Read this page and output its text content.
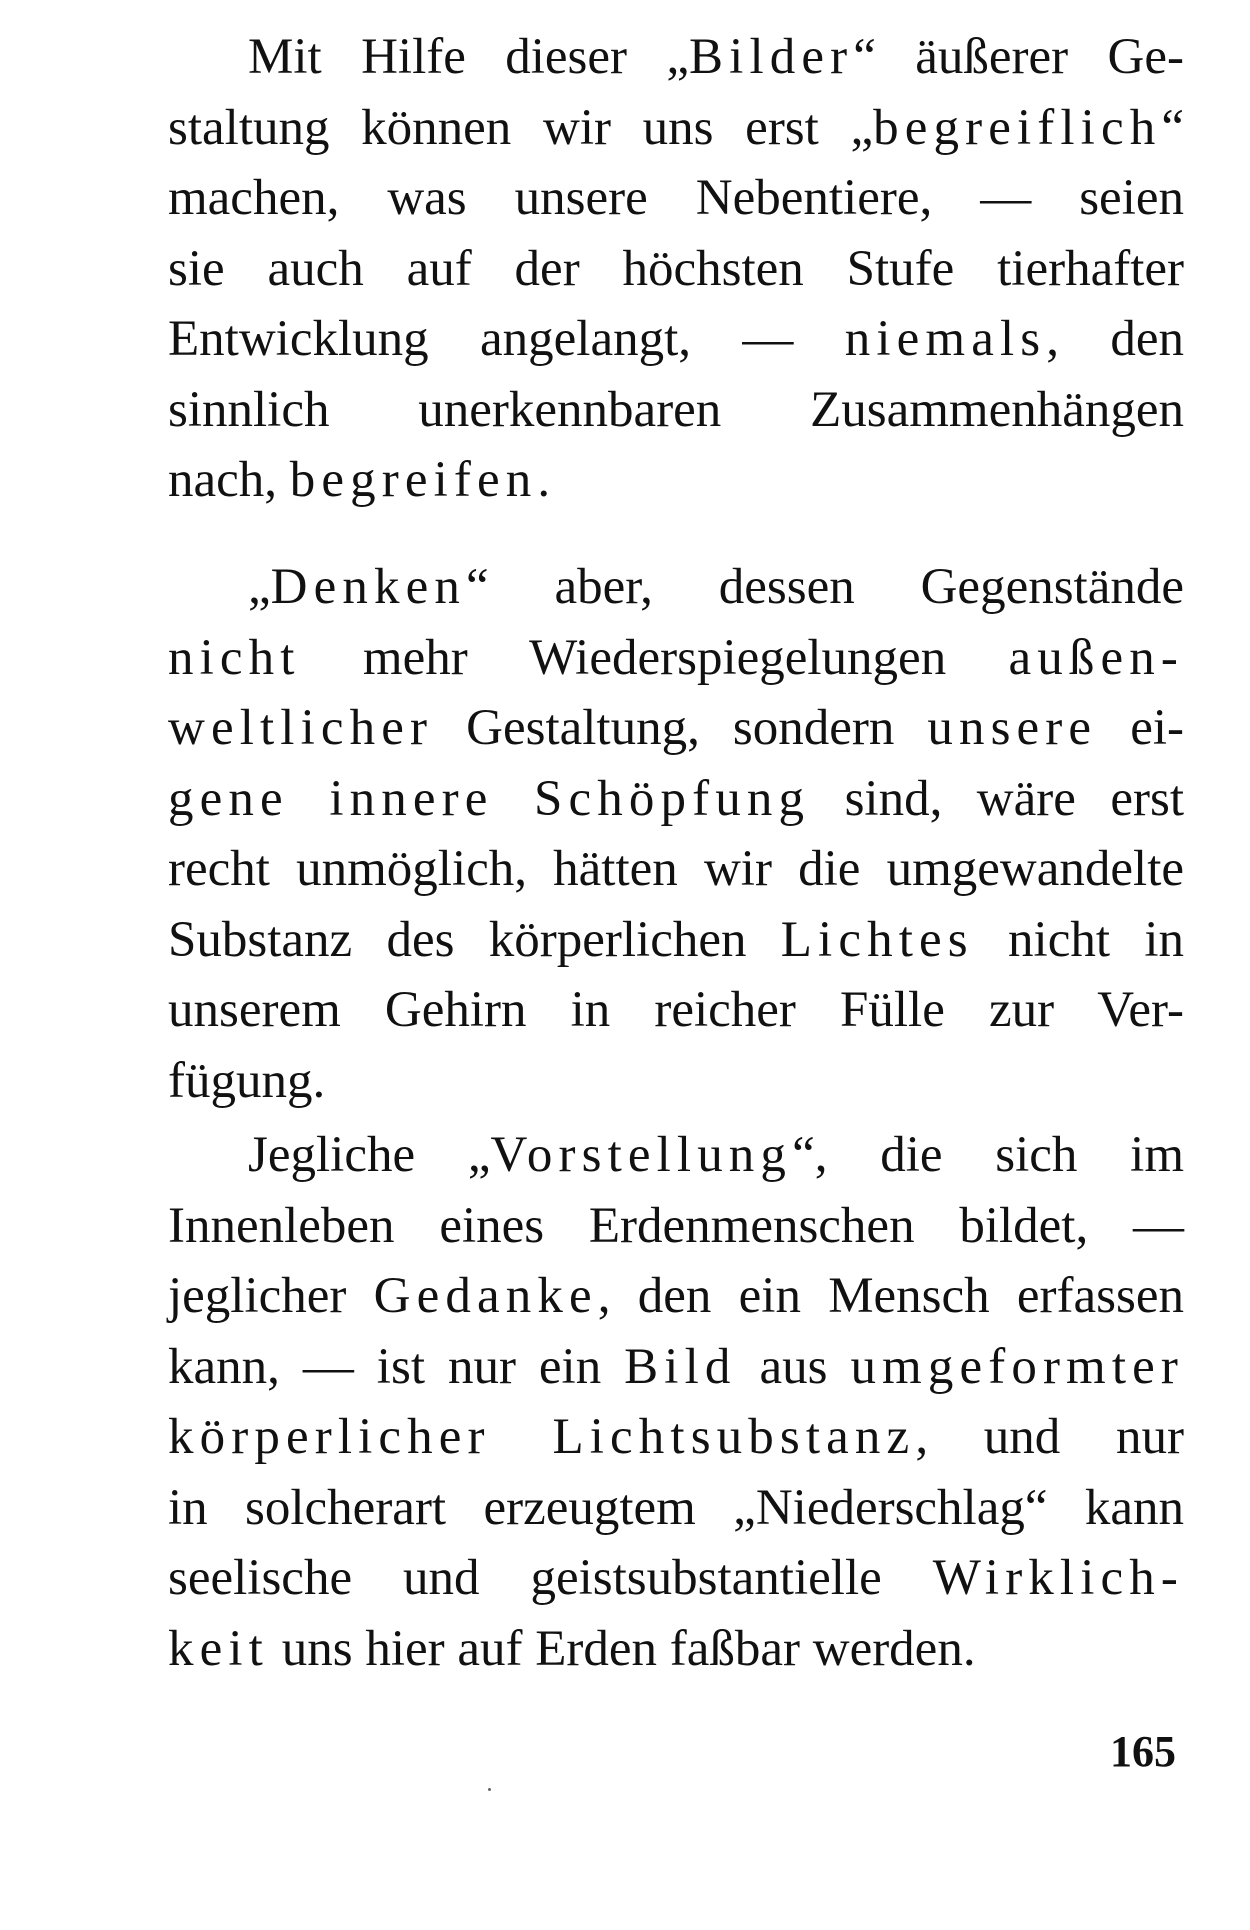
Mit Hilfe dieser „Bilder“ äußerer Ge-
staltung können wir uns erst „begreiflich“
machen, was unsere Nebentiere, — seien
sie auch auf der höchsten Stufe tierhafter
Entwicklung angelangt, — niemals, den
sinnlich unerkennbaren Zusammenhängen
nach, begreifen.
„Denken“ aber, dessen Gegenstände
nicht mehr Wiederspiegelungen außen-
weltlicher Gestaltung, sondern unsere ei-
gene innere Schöpfung sind, wäre erst
recht unmöglich, hätten wir die umgewandelte
Substanz des körperlichen Lichtes nicht in
unserem Gehirn in reicher Fülle zur Ver-
fügung.
Jegliche „Vorstellung“, die sich im
Innenleben eines Erdenmenschen bildet, —
jeglicher Gedanke, den ein Mensch erfassen
kann, — ist nur ein Bild aus umgeformter
körperlicher Lichtsubstanz, und nur
in solcherart erzeugtem „Niederschlag“ kann
seelische und geistsubstantielle Wirklich-
keit uns hier auf Erden faßbar werden.
165
